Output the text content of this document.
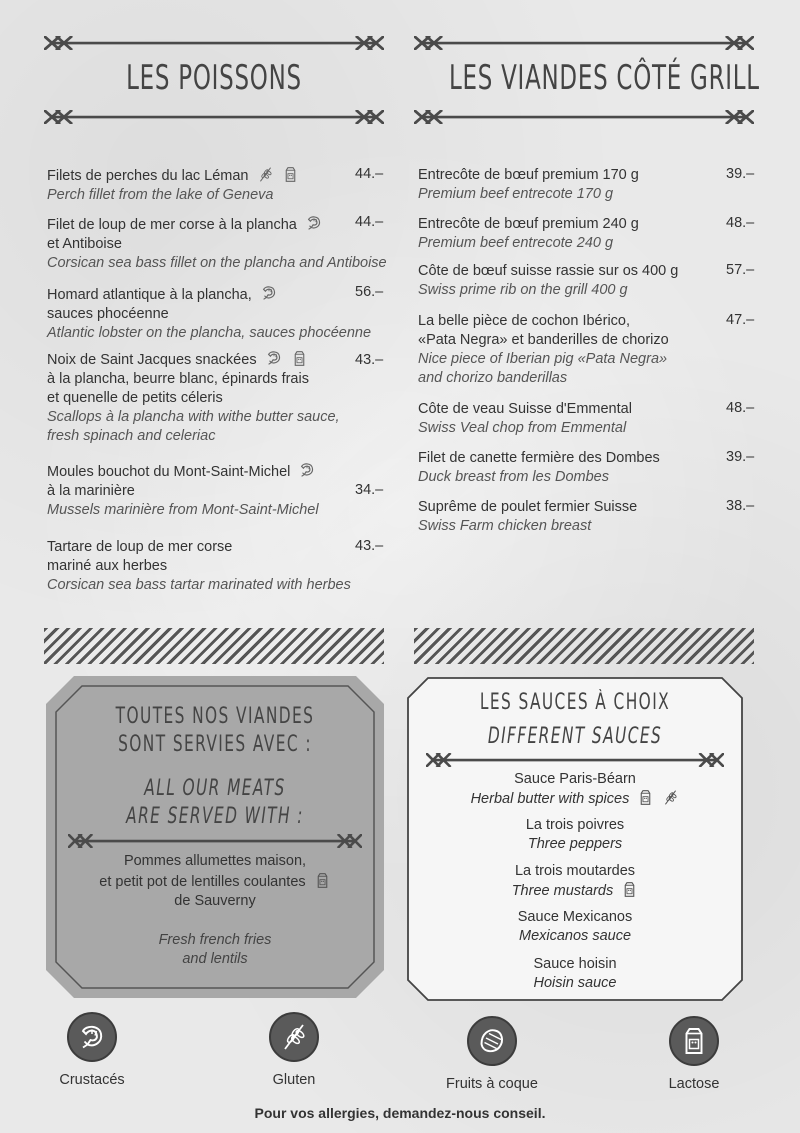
LES POISSONS
Filets de perches du lac Léman
Perch fillet from the lake of Geneva
44.–
Filet de loup de mer corse à la plancha
et Antiboise
Corsican sea bass fillet on the plancha and Antiboise
44.–
Homard atlantique à la plancha,
sauces phocéenne
Atlantic lobster on the plancha, sauces phocéenne
56.–
Noix de Saint Jacques snackées
à la plancha, beurre blanc, épinards frais
et quenelle de petits céleris
Scallops à la plancha with withe butter sauce,
fresh spinach and celeriac
43.–
Moules bouchot du Mont-Saint-Michel
à la marinière
Mussels marinière from Mont-Saint-Michel
34.–
Tartare de loup de mer corse
mariné aux herbes
Corsican sea bass tartar marinated with herbes
43.–
LES VIANDES CÔTÉ GRILL
Entrecôte de bœuf premium 170 g
Premium beef entrecote 170 g
39.–
Entrecôte de bœuf premium 240 g
Premium beef entrecote 240 g
48.–
Côte de bœuf suisse rassie sur os 400 g
Swiss prime rib on the grill 400 g
57.–
La belle pièce de cochon Ibérico,
«Pata Negra» et banderilles de chorizo
Nice piece of Iberian pig «Pata Negra»
and chorizo banderillas
47.–
Côte de veau Suisse d'Emmental
Swiss Veal chop from Emmental
48.–
Filet de canette fermière des Dombes
Duck breast from les Dombes
39.–
Suprême de poulet fermier Suisse
Swiss Farm chicken breast
38.–
TOUTES NOS VIANDES
SONT SERVIES AVEC :
ALL OUR MEATS
ARE SERVED WITH :
Pommes allumettes maison,
et petit pot de lentilles coulantes
de Sauverny
Fresh french fries
and lentils
LES SAUCES À CHOIX
DIFFERENT SAUCES
Sauce Paris-Béarn
Herbal butter with spices
La trois poivres
Three peppers
La trois moutardes
Three mustards
Sauce Mexicanos
Mexicanos sauce
Sauce hoisin
Hoisin sauce
Crustacés	Gluten	Fruits à coque	Lactose
Pour vos allergies, demandez-nous conseil.
